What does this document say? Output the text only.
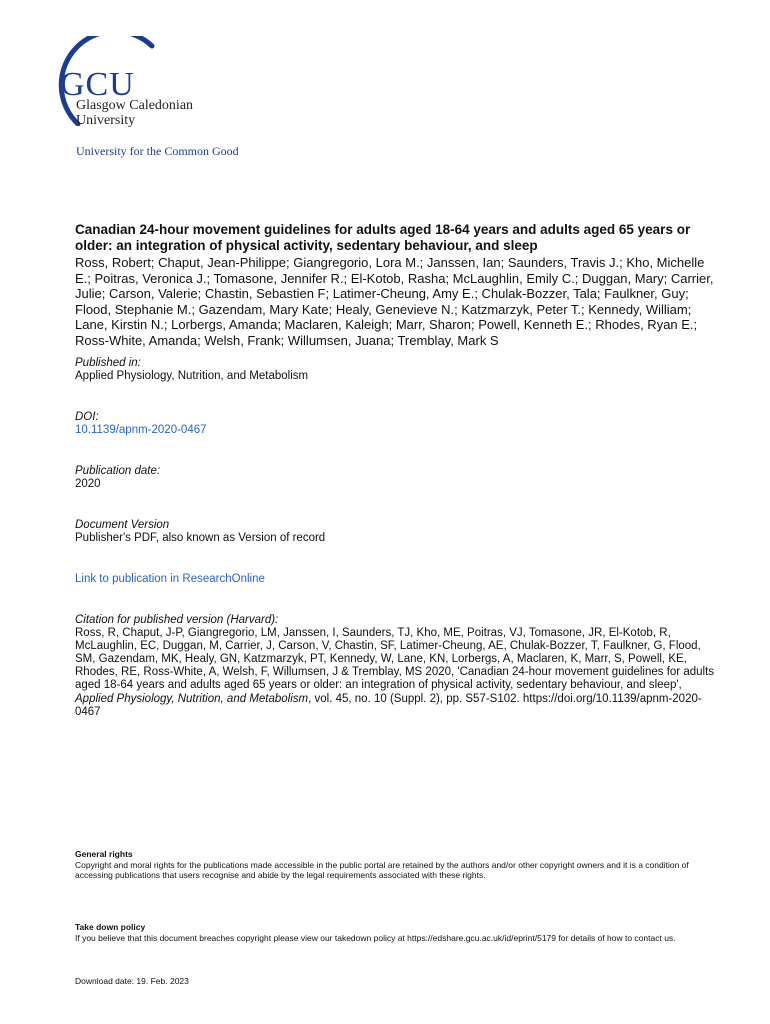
GCU
Glasgow Caledonian
University
University for the Common Good
Canadian 24-hour movement guidelines for adults aged 18-64 years and adults aged 65 years or older: an integration of physical activity, sedentary behaviour, and sleep
Ross, Robert; Chaput, Jean-Philippe; Giangregorio, Lora M.; Janssen, Ian; Saunders, Travis J.; Kho, Michelle E.; Poitras, Veronica J.; Tomasone, Jennifer R.; El-Kotob, Rasha; McLaughlin, Emily C.; Duggan, Mary; Carrier, Julie; Carson, Valerie; Chastin, Sebastien F; Latimer-Cheung, Amy E.; Chulak-Bozzer, Tala; Faulkner, Guy; Flood, Stephanie M.; Gazendam, Mary Kate; Healy, Genevieve N.; Katzmarzyk, Peter T.; Kennedy, William; Lane, Kirstin N.; Lorbergs, Amanda; Maclaren, Kaleigh; Marr, Sharon; Powell, Kenneth E.; Rhodes, Ryan E.; Ross-White, Amanda; Welsh, Frank; Willumsen, Juana; Tremblay, Mark S
Published in:
Applied Physiology, Nutrition, and Metabolism
DOI:
10.1139/apnm-2020-0467
Publication date:
2020
Document Version
Publisher's PDF, also known as Version of record
Link to publication in ResearchOnline
Citation for published version (Harvard):
Ross, R, Chaput, J-P, Giangregorio, LM, Janssen, I, Saunders, TJ, Kho, ME, Poitras, VJ, Tomasone, JR, El-Kotob, R, McLaughlin, EC, Duggan, M, Carrier, J, Carson, V, Chastin, SF, Latimer-Cheung, AE, Chulak-Bozzer, T, Faulkner, G, Flood, SM, Gazendam, MK, Healy, GN, Katzmarzyk, PT, Kennedy, W, Lane, KN, Lorbergs, A, Maclaren, K, Marr, S, Powell, KE, Rhodes, RE, Ross-White, A, Welsh, F, Willumsen, J & Tremblay, MS 2020, 'Canadian 24-hour movement guidelines for adults aged 18-64 years and adults aged 65 years or older: an integration of physical activity, sedentary behaviour, and sleep', Applied Physiology, Nutrition, and Metabolism, vol. 45, no. 10 (Suppl. 2), pp. S57-S102. https://doi.org/10.1139/apnm-2020-0467
General rights
Copyright and moral rights for the publications made accessible in the public portal are retained by the authors and/or other copyright owners and it is a condition of accessing publications that users recognise and abide by the legal requirements associated with these rights.
Take down policy
If you believe that this document breaches copyright please view our takedown policy at https://edshare.gcu.ac.uk/id/eprint/5179 for details of how to contact us.
Download date: 19. Feb. 2023
